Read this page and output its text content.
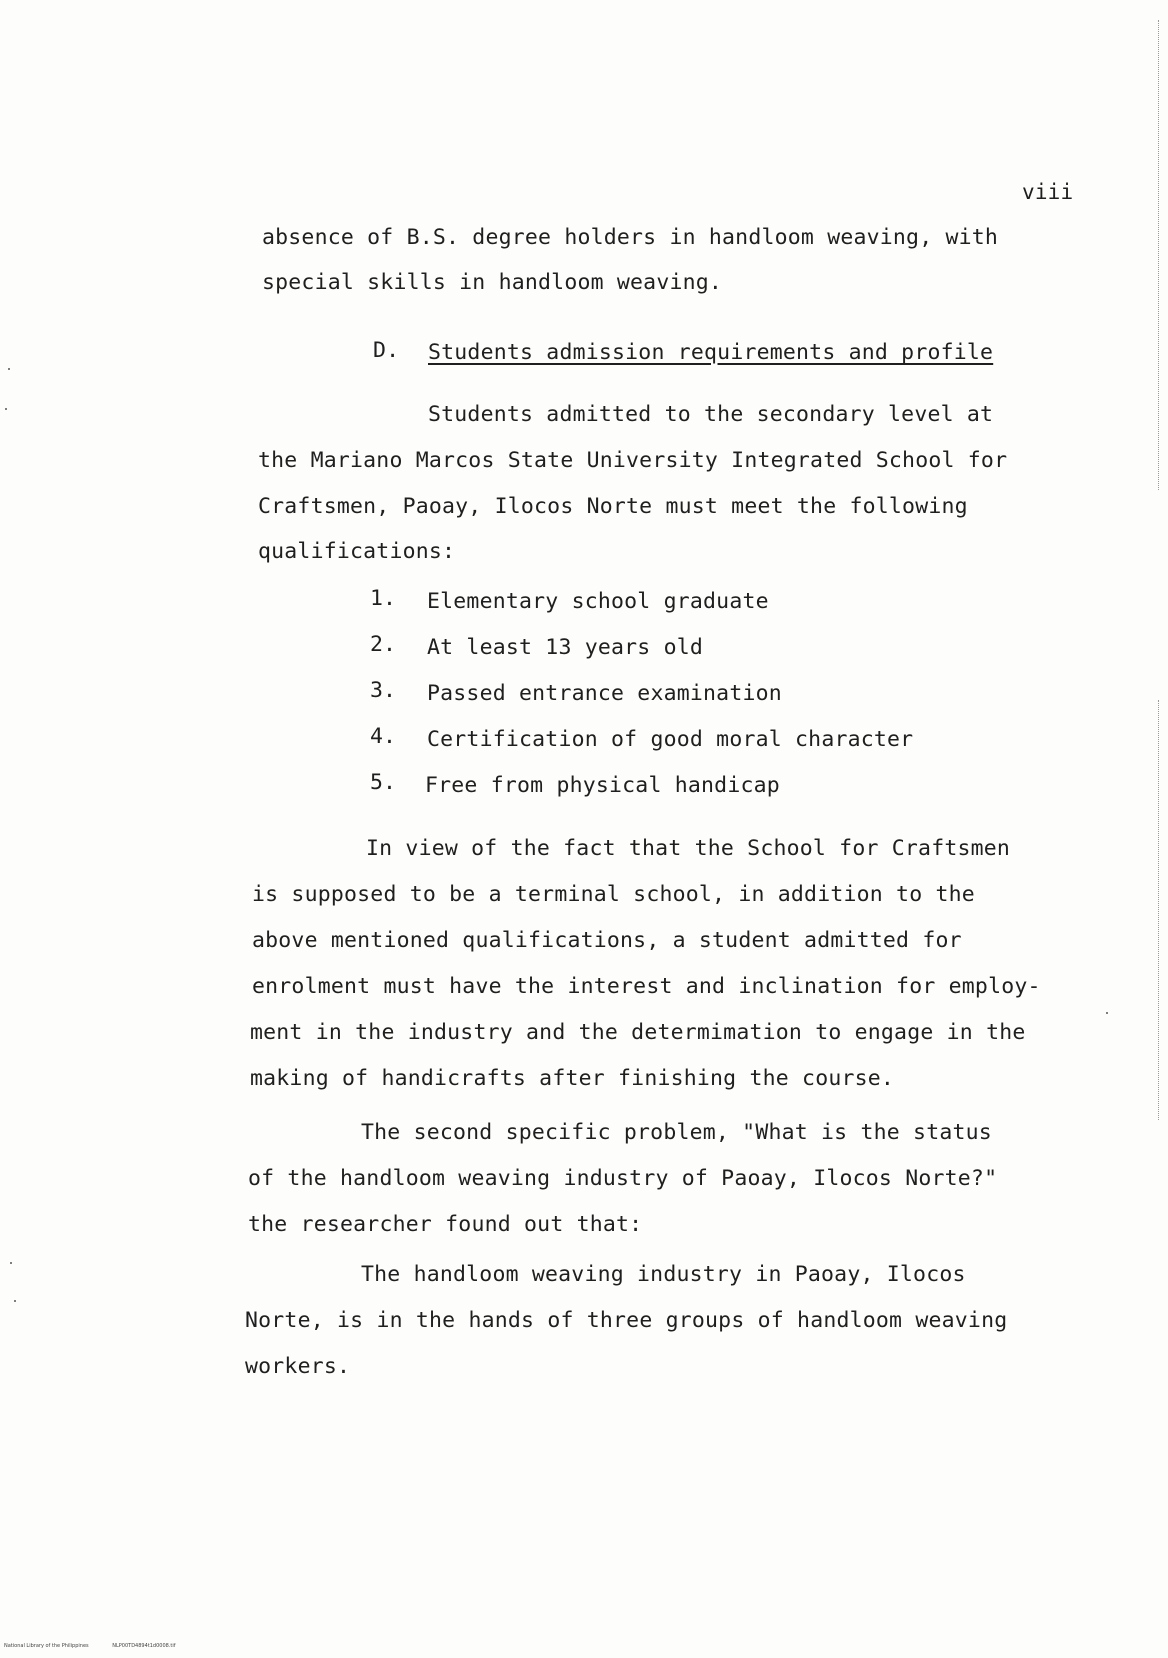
viii
absence of B.S. degree holders in handloom weaving, with
special skills in handloom weaving.
D. Students admission requirements and profile
Students admitted to the secondary level at
the Mariano Marcos State University Integrated School for
Craftsmen, Paoay, Ilocos Norte must meet the following
qualifications:
1. Elementary school graduate
2. At least 13 years old
3. Passed entrance examination
4. Certification of good moral character
5. Free from physical handicap
In view of the fact that the School for Craftsmen
is supposed to be a terminal school, in addition to the
above mentioned qualifications, a student admitted for
enrolment must have the interest and inclination for employ-
ment in the industry and the determimation to engage in the
making of handicrafts after finishing the course.
The second specific problem, "What is the status
of the handloom weaving industry of Paoay, Ilocos Norte?"
the researcher found out that:
The handloom weaving industry in Paoay, Ilocos
Norte, is in the hands of three groups of handloom weaving
workers.
National Library of the Philippines	NLP00TD4894t1d0008.tif
